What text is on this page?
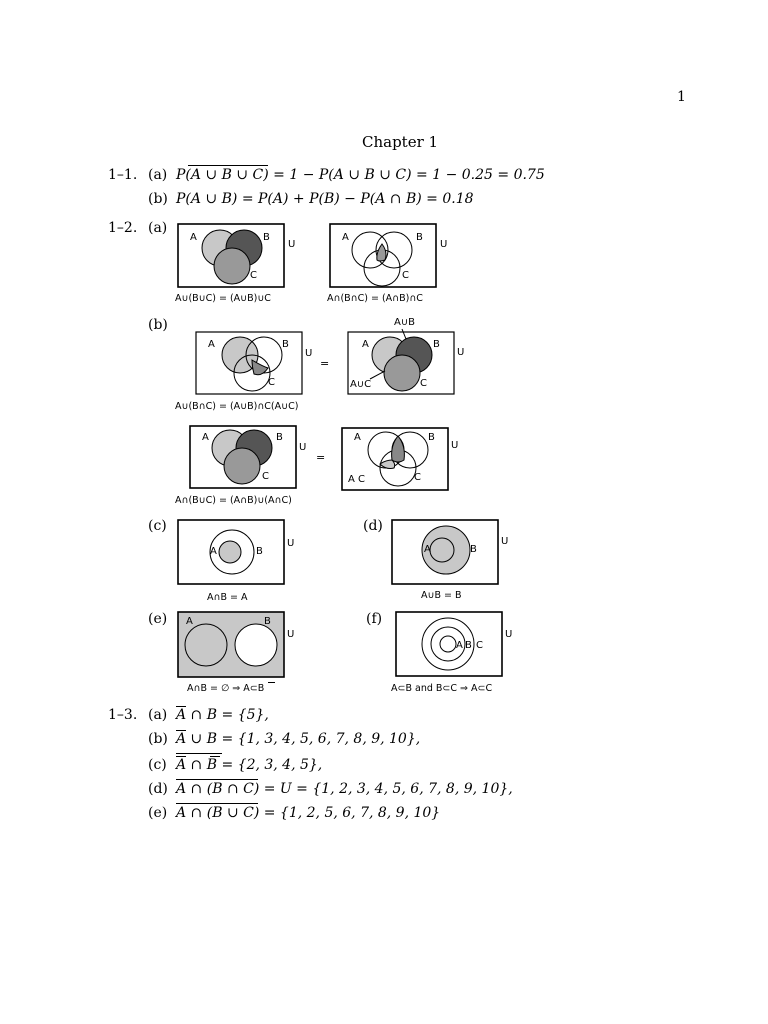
1
Chapter 1
1–1. (a) P(A ∪ B ∪ C) = 1 − P(A ∪ B ∪ C) = 1 − 0.25 = 0.75
(b) P(A ∪ B) = P(A) + P(B) − P(A ∩ B) = 0.18
1–2. (a)
A	B
C
U
A∪(B∪C) = (A∪B)∪C
A	B
C
U
A∩(B∩C) = (A∩B)∩C
(b)
A	B
C
U
=
A∪B
A	B
A∪C	C
U
A∪(B∩C) = (A∪B)∩C(A∪C)
A	B
C
U
=
A	B
A C	C
U
A∩(B∪C) = (A∩B)∪(A∩C)
(c)
A	B
U
A∩B = A
(d)
A	B
U
A∪B = B
(e) A	B
U
A∩B = ∅ ⇒ A⊂B
(f)
A B C
U
A⊂B and B⊂C ⇒ A⊂C
1–3. (a) A ∩ B = {5},
(b) A ∪ B = {1, 3, 4, 5, 6, 7, 8, 9, 10},
(c) A ∩ B = {2, 3, 4, 5},
(d) A ∩ (B ∩ C) = U = {1, 2, 3, 4, 5, 6, 7, 8, 9, 10},
(e) A ∩ (B ∪ C) = {1, 2, 5, 6, 7, 8, 9, 10}
